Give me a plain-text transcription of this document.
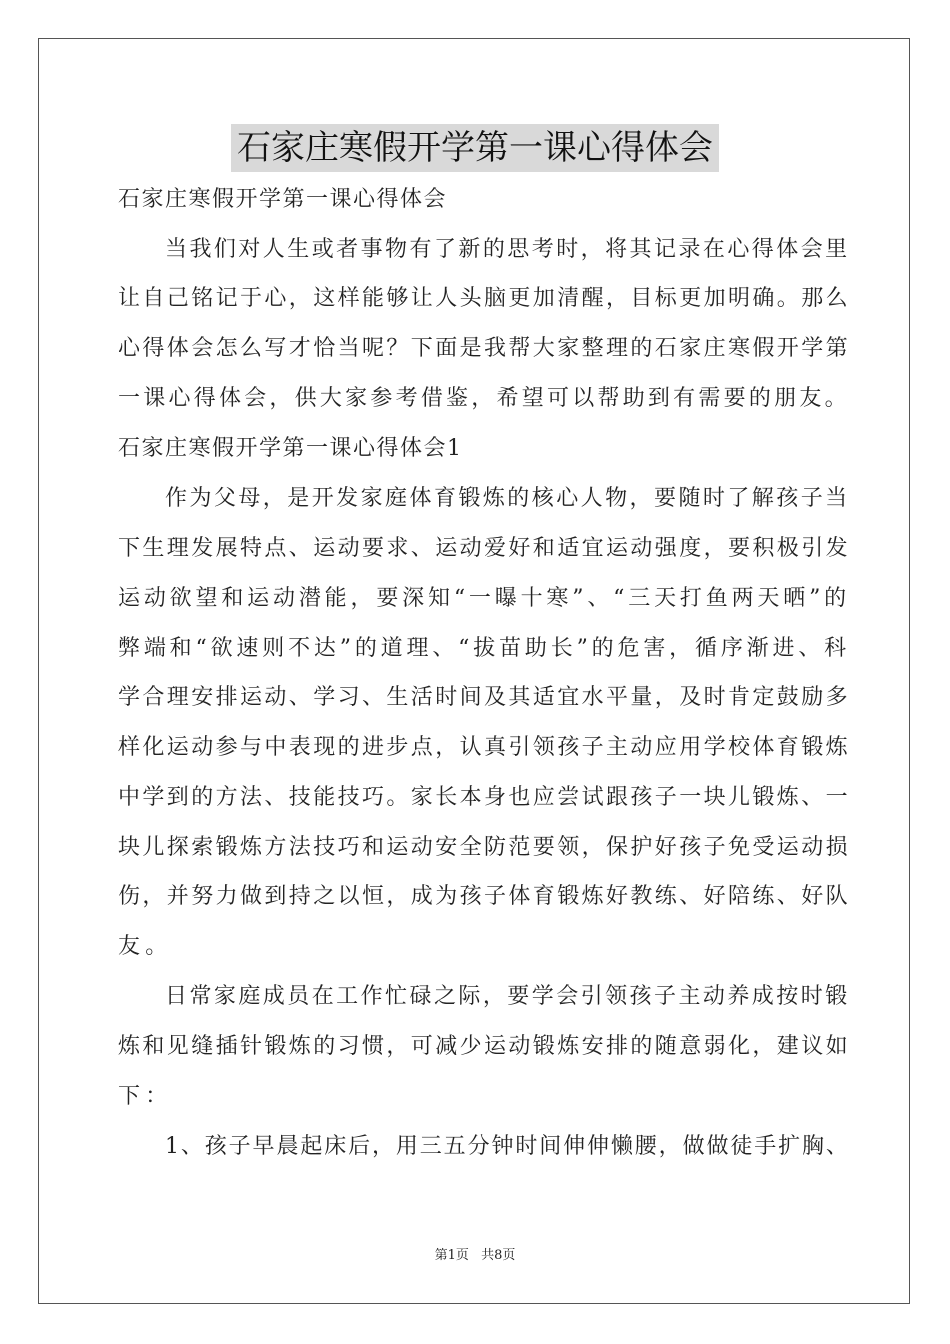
石家庄寒假开学第一课心得体会
石家庄寒假开学第一课心得体会
当我们对人生或者事物有了新的思考时，将其记录在心得体会里
让自己铭记于心，这样能够让人头脑更加清醒，目标更加明确。那么
心得体会怎么写才恰当呢？下面是我帮大家整理的石家庄寒假开学第
一课心得体会，供大家参考借鉴，希望可以帮助到有需要的朋友。
石家庄寒假开学第一课心得体会1
作为父母，是开发家庭体育锻炼的核心人物，要随时了解孩子当
下生理发展特点、运动要求、运动爱好和适宜运动强度，要积极引发
运动欲望和运动潜能，要深知“一曝十寒”、“三天打鱼两天晒”的
弊端和“欲速则不达”的道理、“拔苗助长”的危害，循序渐进、科
学合理安排运动、学习、生活时间及其适宜水平量，及时肯定鼓励多
样化运动参与中表现的进步点，认真引领孩子主动应用学校体育锻炼
中学到的方法、技能技巧。家长本身也应尝试跟孩子一块儿锻炼、一
块儿探索锻炼方法技巧和运动安全防范要领，保护好孩子免受运动损
伤，并努力做到持之以恒，成为孩子体育锻炼好教练、好陪练、好队
友。
日常家庭成员在工作忙碌之际，要学会引领孩子主动养成按时锻
炼和见缝插针锻炼的习惯，可减少运动锻炼安排的随意弱化，建议如
下：
1、孩子早晨起床后，用三五分钟时间伸伸懒腰，做做徒手扩胸、
第1页 共8页
